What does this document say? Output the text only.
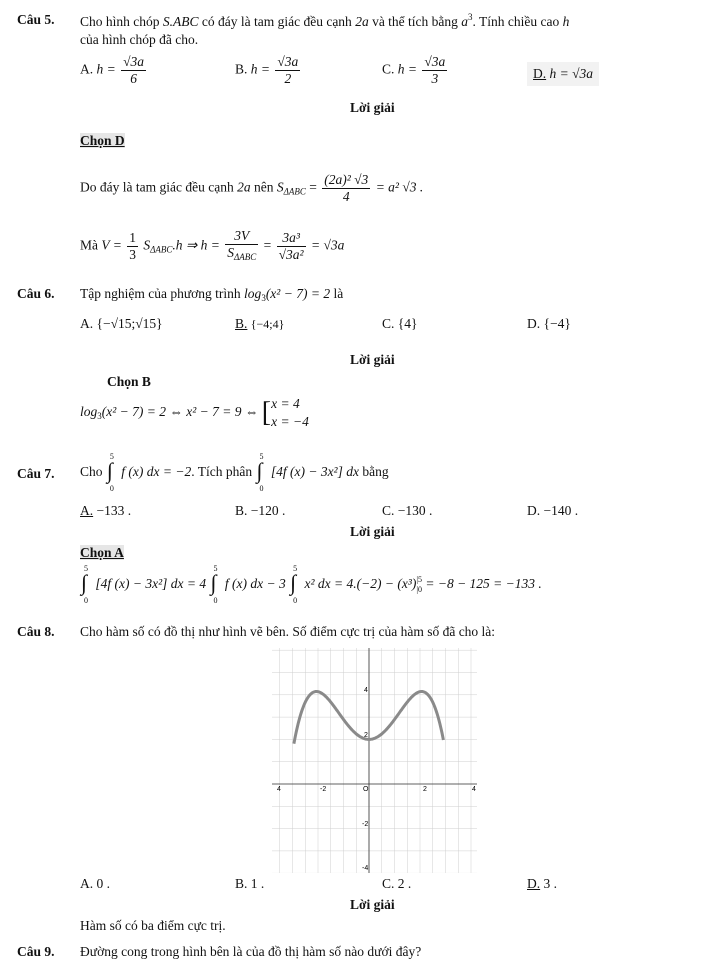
Câu 5. Cho hình chóp S.ABC có đáy là tam giác đều cạnh 2a và thể tích bằng $a^3$. Tính chiều cao h
của hình chóp đã cho.
A. $h = \frac{√3a}{6}$	B. $h = \frac{√3a}{2}$	C. $h = \frac{√3a}{3}$	D. h = √3a
Lời giải
Chọn D
Do đáy là tam giác đều cạnh 2a nên $S_{\Delta ABC} = \frac{\text{(2a)² √3}}{4} = a^2$ √3 .
Mà $V = \frac{1}{3} S_{\Delta ABC}.h$ ⇒ $h = \frac{3V}{S_{\Delta ABC}} = \frac{\text{3a³}}{\text{√3a²}} = √3a$
Câu 6. Tập nghiệm của phương trình $\log_3(x^2 - 7) = 2$ là
A. {−√15;√15}	B. {−4;4}	C. {4}	D. {−4}
Lời giải
Chọn B
$\log_3(x^2 - 7) = 2$ ⇔ x² − 7 = 9 ⇔ [x = 4
x = −4
Câu 7. Cho
5
∫
0
f (x) dx = −2. Tích phân
5
∫
0
[4f (x) − 3x²] dx bằng
A. −133 .	B. −120 .	C. −130 .	D. −140 .
Lời giải
Chọn A
5
∫
0
[4f (x) − 3x²] dx = 4
5
∫
0
f (x) dx − 3
5
∫
0
x² dx = 4.(−2) − (x³)|5
|0 = −8 − 125 = −133 .
Câu 8. Cho hàm số có đồ thị như hình vẽ bên. Số điểm cực trị của hàm số đã cho là:
4	-2	O	2	4
4
2
-2
-4
A. 0 .	B. 1 .	C. 2 .	D. 3 .
Lời giải
Hàm số có ba điểm cực trị.
Câu 9. Đường cong trong hình bên là của đồ thị hàm số nào dưới đây?
